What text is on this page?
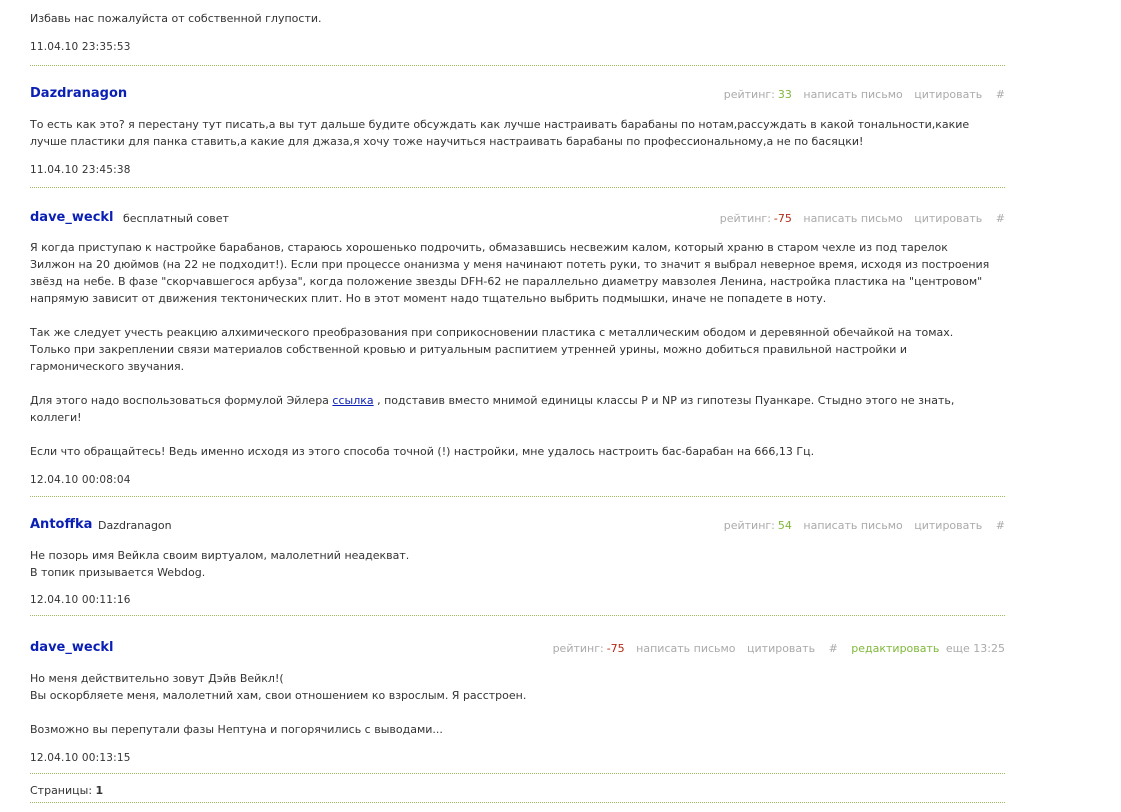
Избавь нас пожалуйста от собственной глупости.

11.04.10 23:35:53
Dazdranagon	рейтинг: 33 написать письмо цитировать #

То есть как это? я перестану тут писать,а вы тут дальше будите обсуждать как лучше настраивать барабаны по нотам,рассуждать в какой тональности,какие

лучше пластики для панка ставить,а какие для джаза,я хочу тоже научиться настраивать барабаны по профессиональному,а не по басяцки!

11.04.10 23:45:38
dave_weckl бесплатный совет	рейтинг: -75 написать письмо цитировать #

Я когда приступаю к настройке барабанов, стараюсь хорошенько подрочить, обмазавшись несвежим калом, который храню в старом чехле из под тарелок

Зилжон на 20 дюймов (на 22 не подходит!). Если при процессе онанизма у меня начинают потеть руки, то значит я выбрал неверное время, исходя из построения

звёзд на небе. В фазе "скорчавшегося арбуза", когда положение звезды DFH-62 не параллельно диаметру мавзолея Ленина, настройка пластика на "центровом"

напрямую зависит от движения тектонических плит. Но в этот момент надо тщательно выбрить подмышки, иначе не попадете в ноту.

Так же следует учесть реакцию алхимического преобразования при соприкосновении пластика с металлическим ободом и деревянной обечайкой на томах.

Только при закреплении связи материалов собственной кровью и ритуальным распитием утренней урины, можно добиться правильной настройки и

гармонического звучания.

Для этого надо воспользоваться формулой Эйлера ссылка , подставив вместо мнимой единицы классы P и NP из гипотезы Пуанкаре. Стыдно этого не знать,

коллеги!

Если что обращайтесь! Ведь именно исходя из этого способа точной (!) настройки, мне удалось настроить бас-барабан на 666,13 Гц.

12.04.10 00:08:04
Antoffka Dazdranagon	рейтинг: 54 написать письмо цитировать #

Не позорь имя Вейкла своим виртуалом, малолетний неадекват.

В топик призывается Webdog.

12.04.10 00:11:16
dave_weckl	рейтинг: -75 написать письмо цитировать # редактировать еще 13:25

Но меня действительно зовут Дэйв Вейкл!(

Вы оскорбляете меня, малолетний хам, свои отношением ко взрослым. Я расстроен.

Возможно вы перепутали фазы Нептуна и погорячились с выводами...

12.04.10 00:13:15
Страницы: 1
